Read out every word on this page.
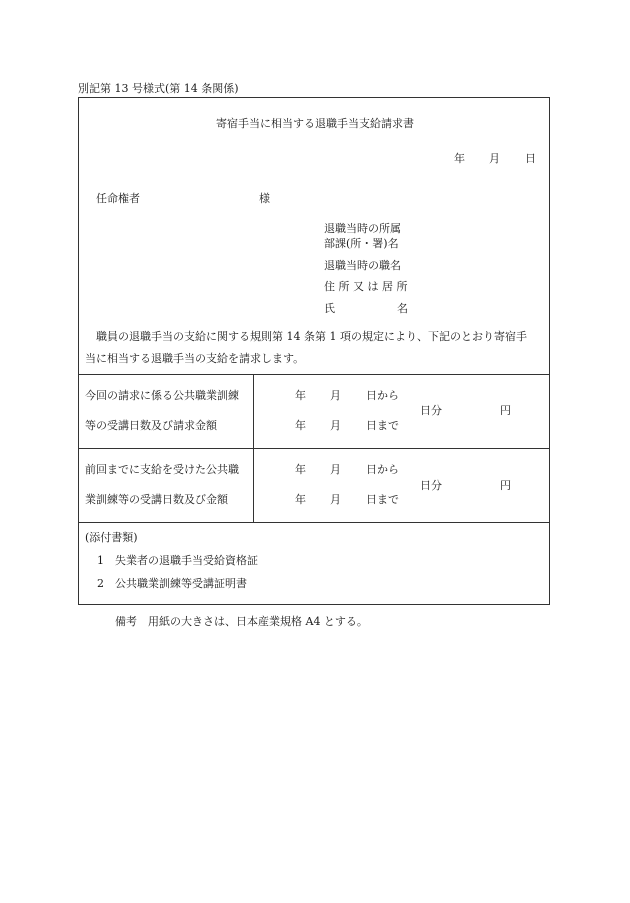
別記第 13 号様式(第 14 条関係)
寄宿手当に相当する退職手当支給請求書
年 月 日
任命権者	様
退職当時の所属
部課(所・署)名
退職当時の職名
住 所 又 は 居 所
氏	名
職員の退職手当の支給に関する規則第 14 条第 1 項の規定により、下記のとおり寄宿手
当に相当する退職手当の支給を請求します。
今回の請求に係る公共職業訓練
等の受講日数及び請求金額
年 月 日から
年 月 日まで
日分	円
前回までに支給を受けた公共職
業訓練等の受講日数及び金額
年 月 日から
年 月 日まで
日分	円
(添付書類)
1 失業者の退職手当受給資格証
2 公共職業訓練等受講証明書
備考 用紙の大きさは、日本産業規格 A4 とする。
